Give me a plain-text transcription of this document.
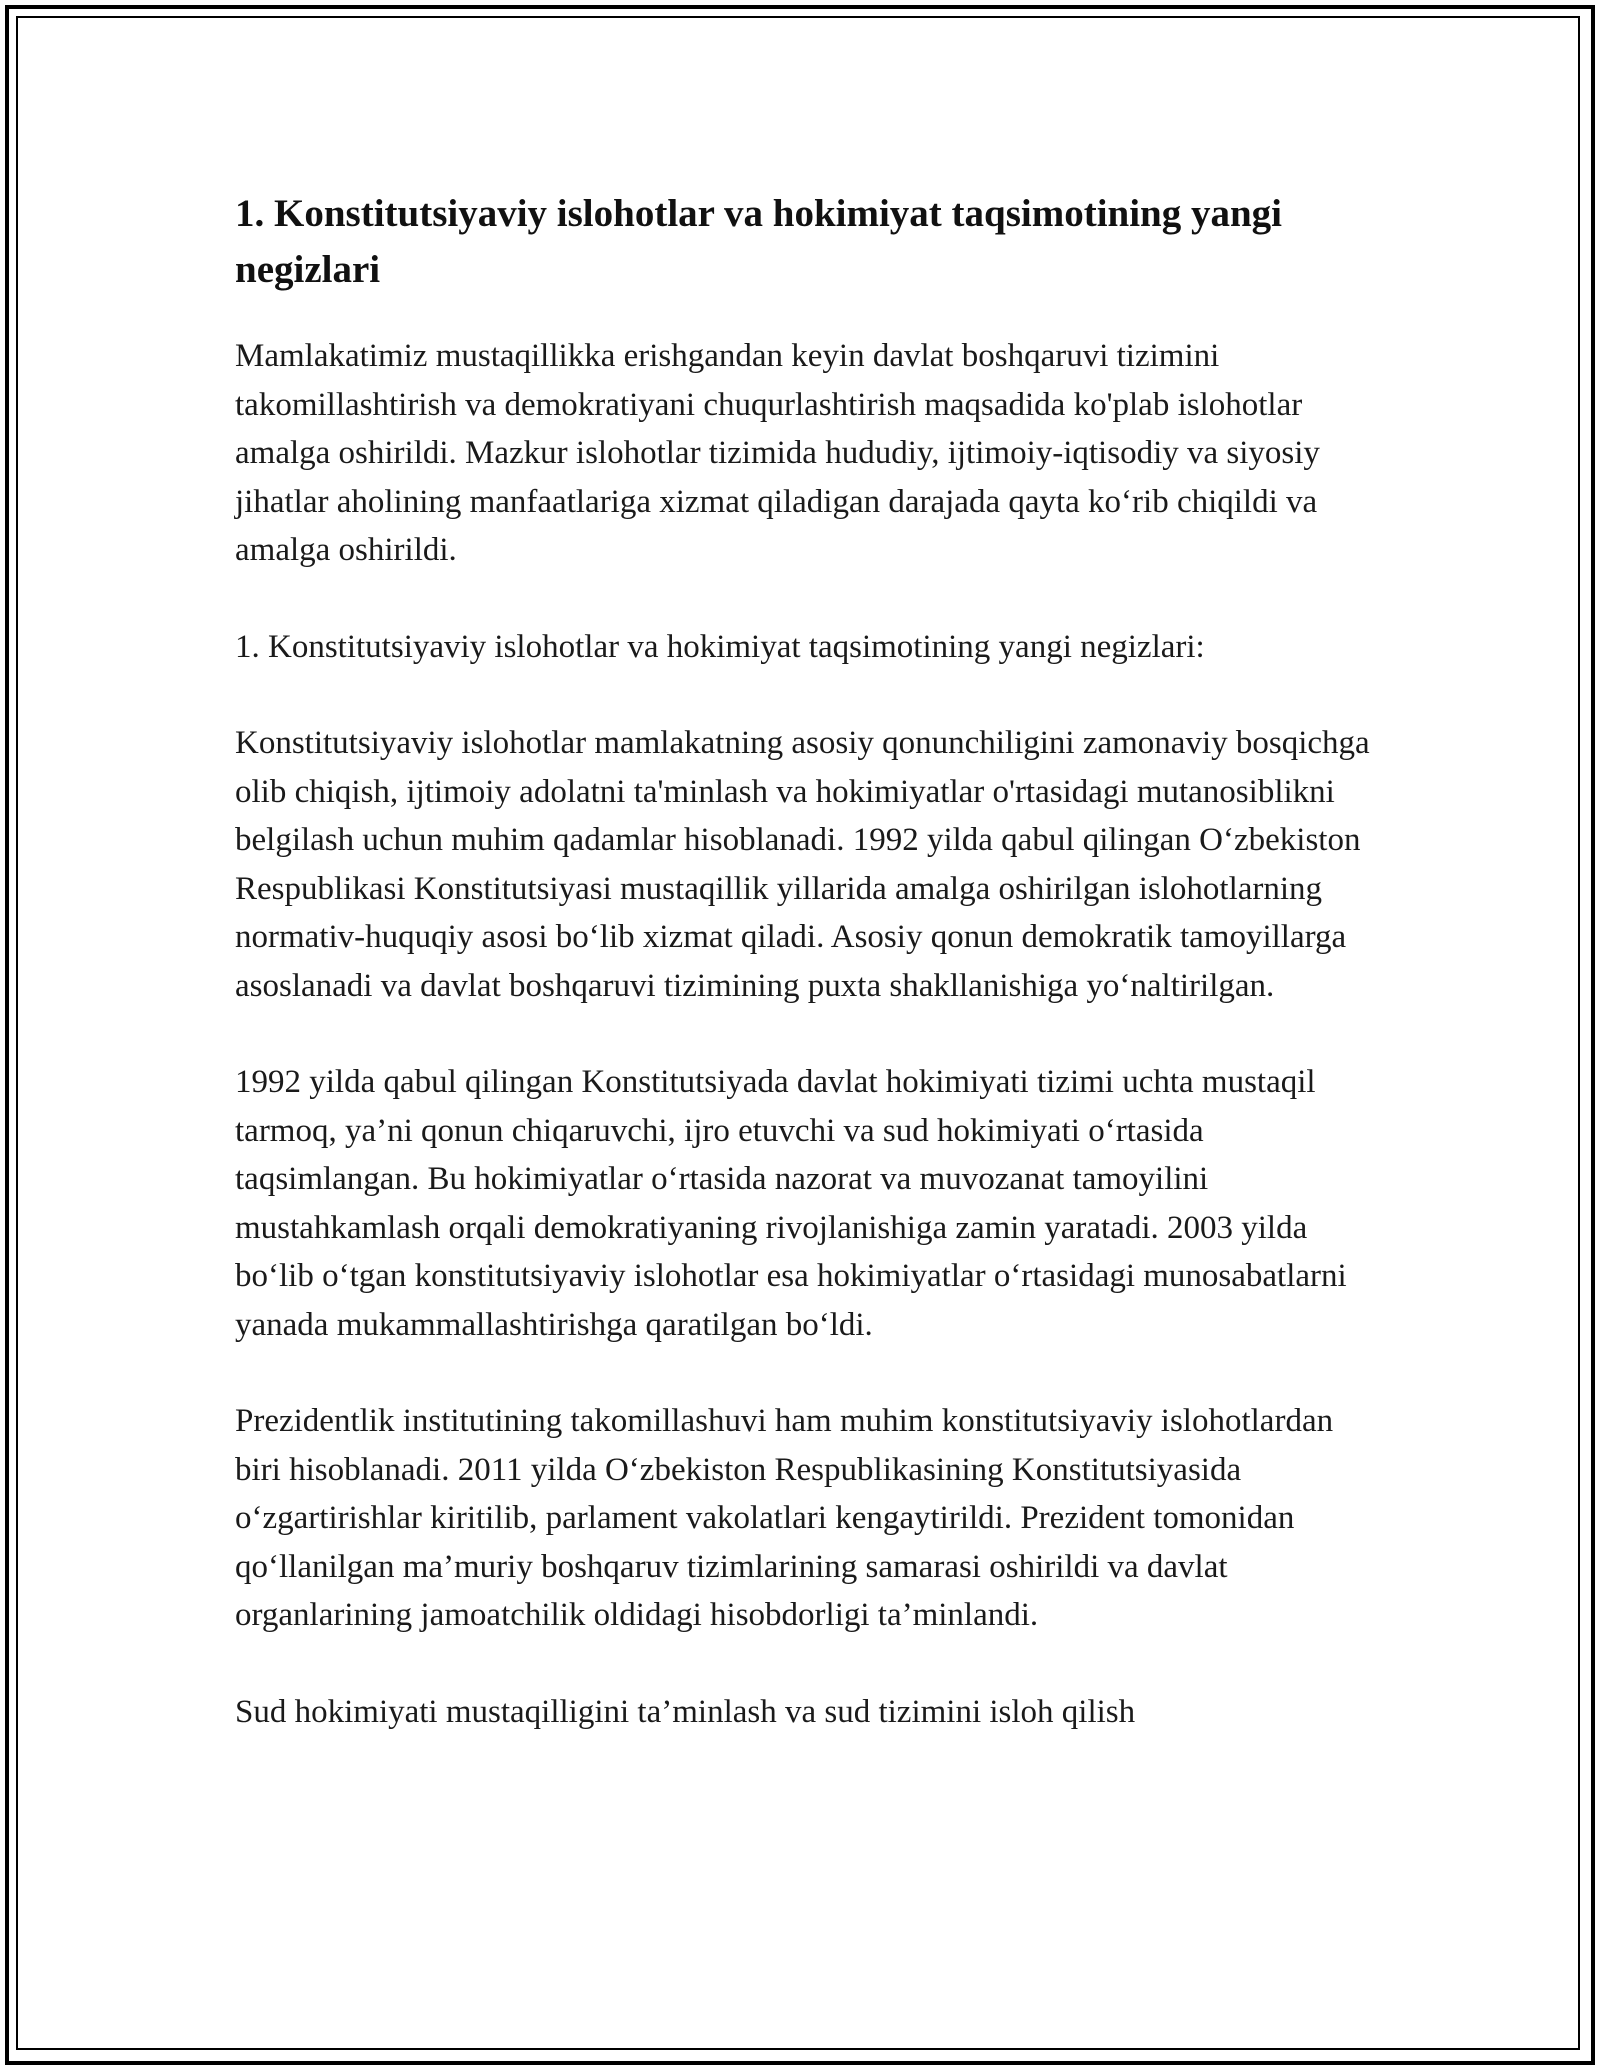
1. Konstitutsiyaviy islohotlar va hokimiyat taqsimotining yangi negizlari

Mamlakatimiz mustaqillikka erishgandan keyin davlat boshqaruvi tizimini takomillashtirish va demokratiyani chuqurlashtirish maqsadida ko'plab islohotlar amalga oshirildi. Mazkur islohotlar tizimida hududiy, ijtimoiy-iqtisodiy va siyosiy jihatlar aholining manfaatlariga xizmat qiladigan darajada qayta koʻrib chiqildi va amalga oshirildi.

1. Konstitutsiyaviy islohotlar va hokimiyat taqsimotining yangi negizlari:

Konstitutsiyaviy islohotlar mamlakatning asosiy qonunchiligini zamonaviy bosqichga olib chiqish, ijtimoiy adolatni ta'minlash va hokimiyatlar o'rtasidagi mutanosiblikni belgilash uchun muhim qadamlar hisoblanadi. 1992 yilda qabul qilingan Oʻzbekiston Respublikasi Konstitutsiyasi mustaqillik yillarida amalga oshirilgan islohotlarning normativ-huquqiy asosi boʻlib xizmat qiladi. Asosiy qonun demokratik tamoyillarga asoslanadi va davlat boshqaruvi tizimining puxta shakllanishiga yoʻnaltirilgan.

1992 yilda qabul qilingan Konstitutsiyada davlat hokimiyati tizimi uchta mustaqil tarmoq, ya’ni qonun chiqaruvchi, ijro etuvchi va sud hokimiyati oʻrtasida taqsimlangan. Bu hokimiyatlar oʻrtasida nazorat va muvozanat tamoyilini mustahkamlash orqali demokratiyaning rivojlanishiga zamin yaratadi. 2003 yilda boʻlib oʻtgan konstitutsiyaviy islohotlar esa hokimiyatlar oʻrtasidagi munosabatlarni yanada mukammallashtirishga qaratilgan boʻldi.

Prezidentlik institutining takomillashuvi ham muhim konstitutsiyaviy islohotlardan biri hisoblanadi. 2011 yilda Oʻzbekiston Respublikasining Konstitutsiyasida oʻzgartirishlar kiritilib, parlament vakolatlari kengaytirildi. Prezident tomonidan qoʻllanilgan ma’muriy boshqaruv tizimlarining samarasi oshirildi va davlat organlarining jamoatchilik oldidagi hisobdorligi ta’minlandi.

Sud hokimiyati mustaqilligini ta’minlash va sud tizimini isloh qilish
